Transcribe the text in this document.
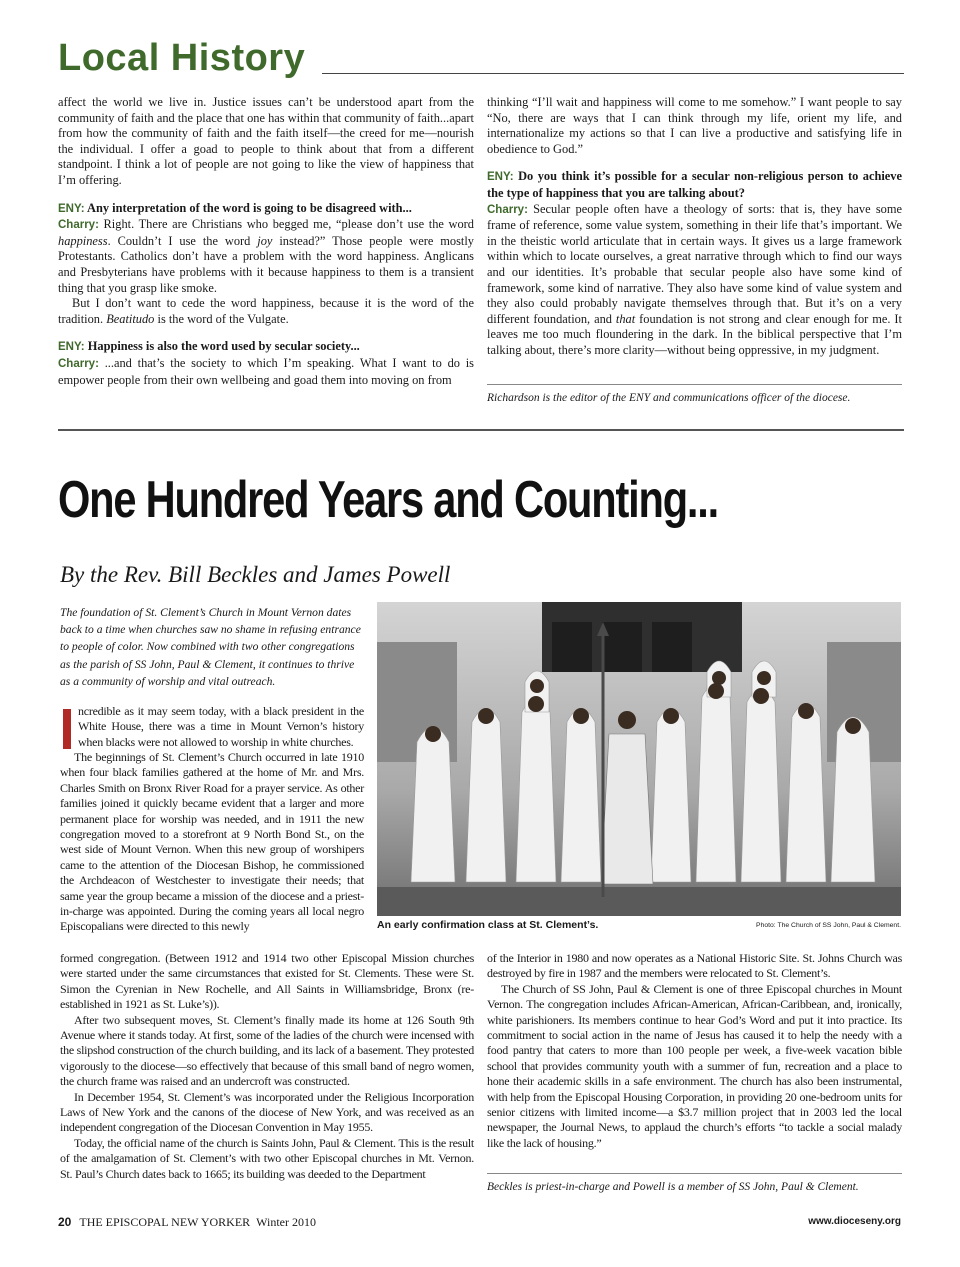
Local History

affect the world we live in. Justice issues can’t be understood apart from the community of faith and the place that one has within that community of faith...apart from how the community of faith and the faith itself—the creed for me—nourish the individual. I offer a goad to people to think about that from a different standpoint. I think a lot of people are not going to like the view of happiness that I’m offering.

ENY: Any interpretation of the word is going to be disagreed with...

Charry: Right. There are Christians who begged me, “please don’t use the word happiness. Couldn’t I use the word joy instead?” Those people were mostly Protestants. Catholics don’t have a problem with the word happiness. Anglicans and Presbyterians have problems with it because happiness to them is a transient thing that you grasp like smoke.

But I don’t want to cede the word happiness, because it is the word of the tradition. Beatitudo is the word of the Vulgate.

ENY: Happiness is also the word used by secular society...

Charry: ...and that’s the society to which I’m speaking. What I want to do is empower people from their own wellbeing and goad them into moving on from

thinking “I’ll wait and happiness will come to me somehow.” I want people to say “No, there are ways that I can think through my life, orient my life, and internationalize my actions so that I can live a productive and satisfying life in obedience to God.”

ENY: Do you think it’s possible for a secular non-religious person to achieve the type of happiness that you are talking about?

Charry: Secular people often have a theology of sorts: that is, they have some frame of reference, some value system, something in their life that’s important. We in the theistic world articulate that in certain ways. It gives us a large framework within which to locate ourselves, a great narrative through which to find our ways and our identities. It’s probable that secular people also have some kind of framework, some kind of narrative. They also have some kind of value system and they also could probably navigate themselves through that. But it’s on a very different foundation, and that foundation is not strong and clear enough for me. It leaves me too much floundering in the dark. In the biblical perspective that I’m talking about, there’s more clarity—without being oppressive, in my judgment.

Richardson is the editor of the ENY and communications officer of the diocese.
One Hundred Years and Counting...
By the Rev. Bill Beckles and James Powell
The foundation of St. Clement’s Church in Mount Vernon dates back to a time when churches saw no shame in refusing entrance to people of color. Now combined with two other congregations as the parish of SS John, Paul & Clement, it continues to thrive as a community of worship and vital outreach.
An early confirmation class at St. Clement’s.	Photo: The Church of SS John, Paul & Clement.

ncredible as it may seem today, with a black president in the White House, there was a time in Mount Vernon’s history when blacks were not allowed to worship in white churches.

The beginnings of St. Clement’s Church occurred in late 1910 when four black families gathered at the home of Mr. and Mrs. Charles Smith on Bronx River Road for a prayer service. As other families joined it quickly became evident that a larger and more permanent place for worship was needed, and in 1911 the new congregation moved to a storefront at 9 North Bond St., on the west side of Mount Vernon. When this new group of worshipers came to the attention of the Diocesan Bishop, he commissioned the Archdeacon of Westchester to investigate their needs; that same year the group became a mission of the diocese and a priest-in-charge was appointed. During the coming years all local negro Episcopalians were directed to this newly

formed congregation. (Between 1912 and 1914 two other Episcopal Mission churches were started under the same circumstances that existed for St. Clements. These were St. Simon the Cyrenian in New Rochelle, and All Saints in Williamsbridge, Bronx (re-established in 1921 as St. Luke’s)).

After two subsequent moves, St. Clement’s finally made its home at 126 South 9th Avenue where it stands today. At first, some of the ladies of the church were incensed with the slipshod construction of the church building, and its lack of a basement. They protested vigorously to the diocese—so effectively that because of this small band of negro women, the church frame was raised and an undercroft was constructed.

In December 1954, St. Clement’s was incorporated under the Religious Incorporation Laws of New York and the canons of the diocese of New York, and was received as an independent congregation of the Diocesan Convention in May 1955.

Today, the official name of the church is Saints John, Paul & Clement. This is the result of the amalgamation of St. Clement’s with two other Episcopal churches in Mt. Vernon. St. Paul’s Church dates back to 1665; its building was deeded to the Department

of the Interior in 1980 and now operates as a National Historic Site. St. Johns Church was destroyed by fire in 1987 and the members were relocated to St. Clement’s.

The Church of SS John, Paul & Clement is one of three Episcopal churches in Mount Vernon. The congregation includes African-American, African-Caribbean, and, ironically, white parishioners. Its members continue to hear God’s Word and put it into practice. Its commitment to social action in the name of Jesus has caused it to help the needy with a food pantry that caters to more than 100 people per week, a five-week vacation bible school that provides community youth with a summer of fun, recreation and a place to hone their academic skills in a safe environment. The church has also been instrumental, with help from the Episcopal Housing Corporation, in providing 20 one-bedroom units for senior citizens with limited income—a $3.7 million project that in 2003 led the local newspaper, the Journal News, to applaud the church’s efforts “to tackle a social malady like the lack of housing.”

Beckles is priest-in-charge and Powell is a member of SS John, Paul & Clement.
20 THE EPISCOPAL NEW YORKER Winter 2010	www.dioceseny.org
